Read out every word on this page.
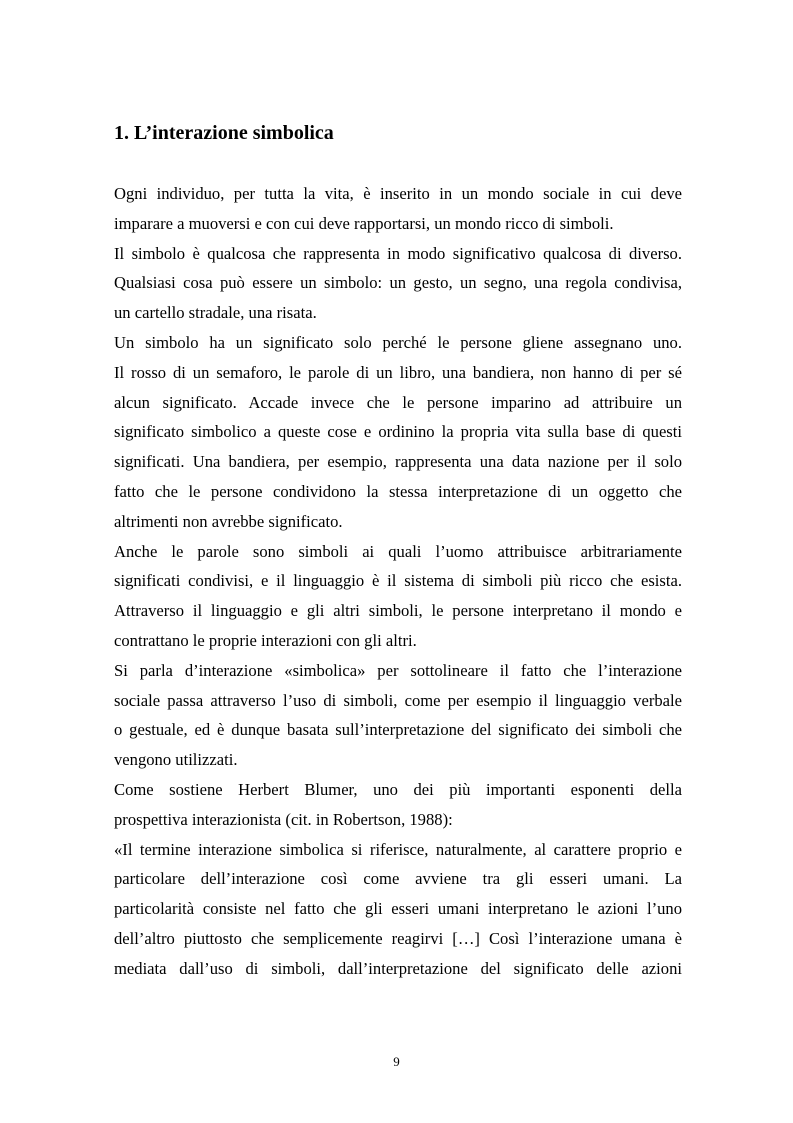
1. L’interazione simbolica
Ogni individuo, per tutta la vita, è inserito in un mondo sociale in cui deve
imparare a muoversi e con cui deve rapportarsi, un mondo ricco di simboli.
Il simbolo è qualcosa che rappresenta in modo significativo qualcosa di diverso.
Qualsiasi cosa può essere un simbolo: un gesto, un segno, una regola condivisa,
un cartello stradale, una risata.
Un simbolo ha un significato solo perché le persone gliene assegnano uno.
Il rosso di un semaforo, le parole di un libro, una bandiera, non hanno di per sé
alcun significato. Accade invece che le persone imparino ad attribuire un
significato simbolico a queste cose e ordinino la propria vita sulla base di questi
significati. Una bandiera, per esempio, rappresenta una data nazione per il solo
fatto che le persone condividono la stessa interpretazione di un oggetto che
altrimenti non avrebbe significato.
Anche le parole sono simboli ai quali l’uomo attribuisce arbitrariamente
significati condivisi, e il linguaggio è il sistema di simboli più ricco che esista.
Attraverso il linguaggio e gli altri simboli, le persone interpretano il mondo e
contrattano le proprie interazioni con gli altri.
Si parla d’interazione «simbolica» per sottolineare il fatto che l’interazione
sociale passa attraverso l’uso di simboli, come per esempio il linguaggio verbale
o gestuale, ed è dunque basata sull’interpretazione del significato dei simboli che
vengono utilizzati.
Come sostiene Herbert Blumer, uno dei più importanti esponenti della
prospettiva interazionista (cit. in Robertson, 1988):
«Il termine interazione simbolica si riferisce, naturalmente, al carattere proprio e
particolare dell’interazione così come avviene tra gli esseri umani. La
particolarità consiste nel fatto che gli esseri umani interpretano le azioni l’uno
dell’altro piuttosto che semplicemente reagirvi […] Così l’interazione umana è
mediata dall’uso di simboli, dall’interpretazione del significato delle azioni
9
